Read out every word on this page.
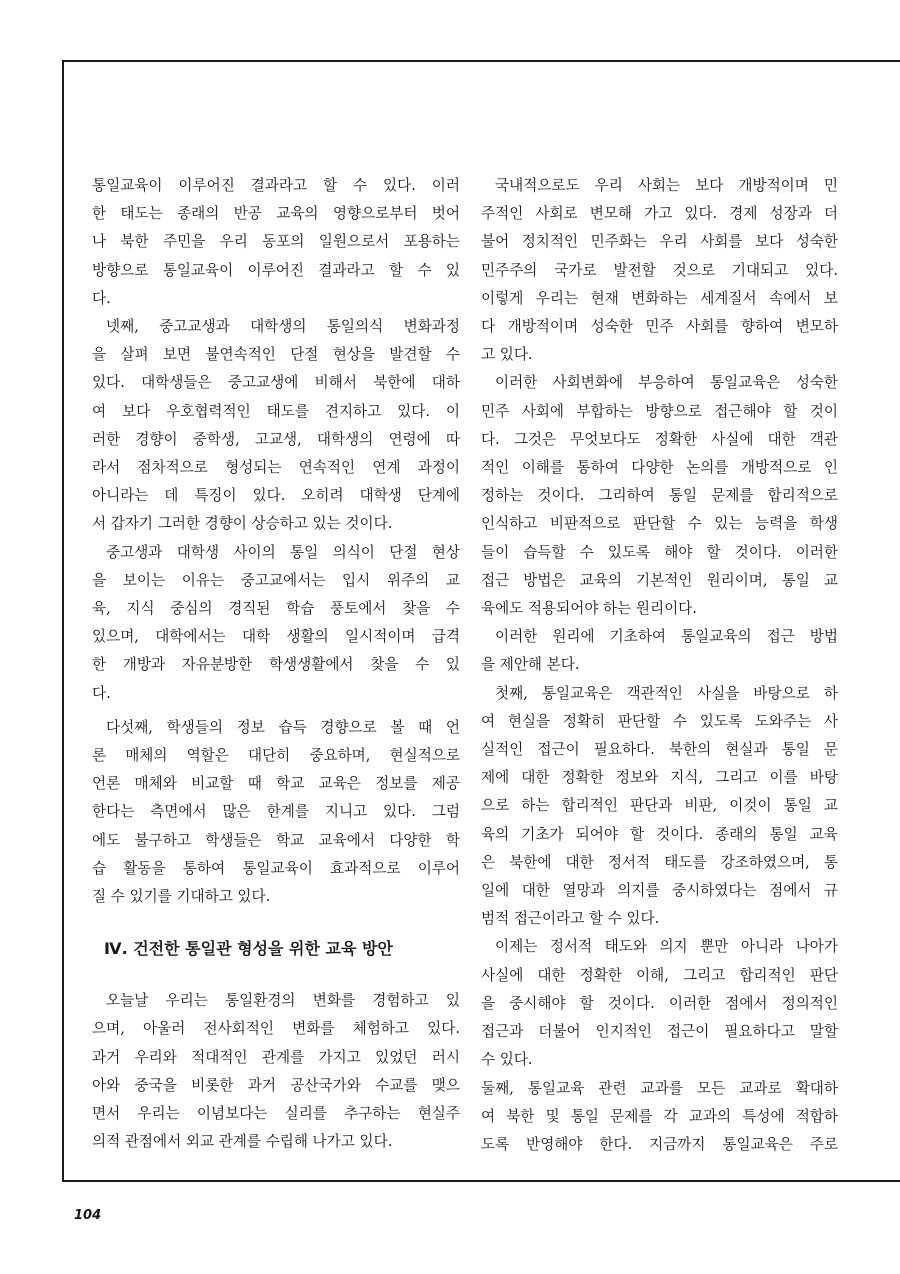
통일교육이 이루어진 결과라고 할 수 있다. 이러
한 태도는 종래의 반공 교육의 영향으로부터 벗어
나 북한 주민을 우리 동포의 일원으로서 포용하는
방향으로 통일교육이 이루어진 결과라고 할 수 있
다.
넷째, 중고교생과 대학생의 통일의식 변화과정
을 살펴 보면 불연속적인 단절 현상을 발견할 수
있다. 대학생들은 중고교생에 비해서 북한에 대하
여 보다 우호협력적인 태도를 견지하고 있다. 이
러한 경향이 중학생, 고교생, 대학생의 연령에 따
라서 점차적으로 형성되는 연속적인 연계 과정이
아니라는 데 특징이 있다. 오히려 대학생 단계에
서 갑자기 그러한 경향이 상승하고 있는 것이다.
중고생과 대학생 사이의 통일 의식이 단절 현상
을 보이는 이유는 중고교에서는 입시 위주의 교
육, 지식 중심의 경직된 학습 풍토에서 찾을 수
있으며, 대학에서는 대학 생활의 일시적이며 급격
한 개방과 자유분방한 학생생활에서 찾을 수 있
다.
다섯째, 학생들의 정보 습득 경향으로 볼 때 언
론 매체의 역할은 대단히 중요하며, 현실적으로
언론 매체와 비교할 때 학교 교육은 정보를 제공
한다는 측면에서 많은 한계를 지니고 있다. 그럼
에도 불구하고 학생들은 학교 교육에서 다양한 학
습 활동을 통하여 통일교육이 효과적으로 이루어
질 수 있기를 기대하고 있다.
Ⅳ. 건전한 통일관 형성을 위한 교육 방안
오늘날 우리는 통일환경의 변화를 경험하고 있
으며, 아울러 전사회적인 변화를 체험하고 있다.
과거 우리와 적대적인 관계를 가지고 있었던 러시
아와 중국을 비롯한 과거 공산국가와 수교를 맺으
면서 우리는 이념보다는 실리를 추구하는 현실주
의적 관점에서 외교 관계를 수립해 나가고 있다.
국내적으로도 우리 사회는 보다 개방적이며 민
주적인 사회로 변모해 가고 있다. 경제 성장과 더
불어 정치적인 민주화는 우리 사회를 보다 성숙한
민주주의 국가로 발전할 것으로 기대되고 있다.
이렇게 우리는 현재 변화하는 세계질서 속에서 보
다 개방적이며 성숙한 민주 사회를 향하여 변모하
고 있다.
이러한 사회변화에 부응하여 통일교육은 성숙한
민주 사회에 부합하는 방향으로 접근해야 할 것이
다. 그것은 무엇보다도 정확한 사실에 대한 객관
적인 이해를 통하여 다양한 논의를 개방적으로 인
정하는 것이다. 그리하여 통일 문제를 합리적으로
인식하고 비판적으로 판단할 수 있는 능력을 학생
들이 습득할 수 있도록 해야 할 것이다. 이러한
접근 방법은 교육의 기본적인 원리이며, 통일 교
육에도 적용되어야 하는 원리이다.
이러한 원리에 기초하여 통일교육의 접근 방법
을 제안해 본다.
첫째, 통일교육은 객관적인 사실을 바탕으로 하
여 현실을 정확히 판단할 수 있도록 도와주는 사
실적인 접근이 필요하다. 북한의 현실과 통일 문
제에 대한 정확한 정보와 지식, 그리고 이를 바탕
으로 하는 합리적인 판단과 비판, 이것이 통일 교
육의 기초가 되어야 할 것이다. 종래의 통일 교육
은 북한에 대한 정서적 태도를 강조하였으며, 통
일에 대한 열망과 의지를 중시하였다는 점에서 규
범적 접근이라고 할 수 있다.
이제는 정서적 태도와 의지 뿐만 아니라 나아가
사실에 대한 정확한 이해, 그리고 합리적인 판단
을 중시해야 할 것이다. 이러한 점에서 정의적인
접근과 더불어 인지적인 접근이 필요하다고 말할
수 있다.
둘째, 통일교육 관련 교과를 모든 교과로 확대하
여 북한 및 통일 문제를 각 교과의 특성에 적합하
도록 반영해야 한다. 지금까지 통일교육은 주로
104
